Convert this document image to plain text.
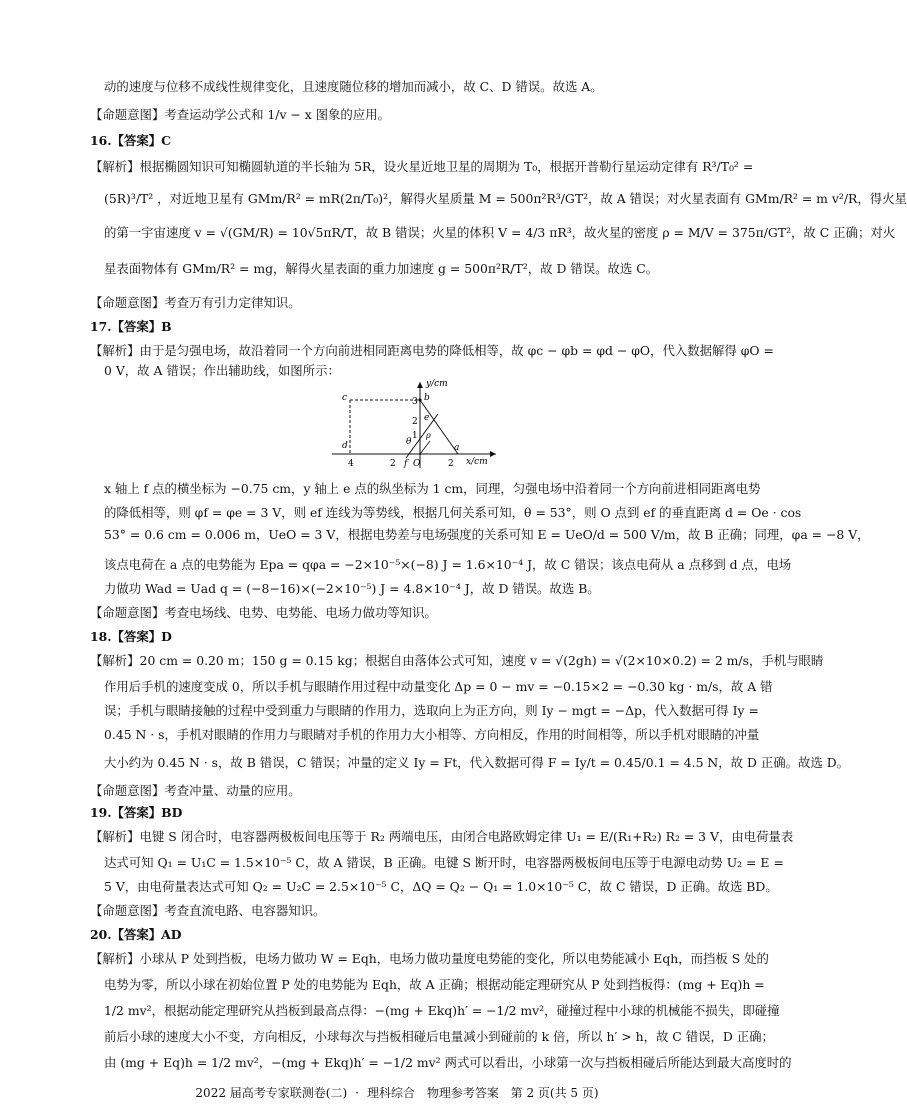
动的速度与位移不成线性规律变化，且速度随位移的增加而减小，故 C、D 错误。故选 A。
【命题意图】考查运动学公式和 1/v − x 图象的应用。
16.【答案】C
【解析】根据椭圆知识可知椭圆轨道的半长轴为 5R，设火星近地卫星的周期为 T₀，根据开普勒行星运动定律有 R³/T₀² =
(5R)³/T² ，对近地卫星有 GMm/R² = mR(2π/T₀)²，解得火星质量 M = 500π²R³/GT²，故 A 错误；对火星表面有 GMm/R² = m v²/R，得火星
的第一宇宙速度 v = √(GM/R) = 10√5πR/T，故 B 错误；火星的体积 V = 4/3 πR³，故火星的密度 ρ = M/V = 375π/GT²，故 C 正确；对火
星表面物体有 GMm/R² = mg，解得火星表面的重力加速度 g = 500π²R/T²，故 D 错误。故选 C。
【命题意图】考查万有引力定律知识。
17.【答案】B
【解析】由于是匀强电场，故沿着同一个方向前进相同距离电势的降低相等，故 φc − φb = φd − φO，代入数据解得 φO =
0 V，故 A 错误；作出辅助线，如图所示：
c	b
e
d
f O
a
θ
ρ
3
2
1
4	2	2
y/cm
x/cm
x 轴上 f 点的横坐标为 −0.75 cm，y 轴上 e 点的纵坐标为 1 cm，同理，匀强电场中沿着同一个方向前进相同距离电势
的降低相等，则 φf = φe = 3 V，则 ef 连线为等势线，根据几何关系可知，θ = 53°，则 O 点到 ef 的垂直距离 d = Oe · cos
53° = 0.6 cm = 0.006 m，UeO = 3 V，根据电势差与电场强度的关系可知 E = UeO/d = 500 V/m，故 B 正确；同理，φa = −8 V，
该点电荷在 a 点的电势能为 Epa = qφa = −2×10⁻⁵×(−8) J = 1.6×10⁻⁴ J，故 C 错误；该点电荷从 a 点移到 d 点，电场
力做功 Wad = Uad q = (−8−16)×(−2×10⁻⁵) J = 4.8×10⁻⁴ J，故 D 错误。故选 B。
【命题意图】考查电场线、电势、电势能、电场力做功等知识。
18.【答案】D
【解析】20 cm = 0.20 m；150 g = 0.15 kg；根据自由落体公式可知，速度 v = √(2gh) = √(2×10×0.2) = 2 m/s，手机与眼睛
作用后手机的速度变成 0，所以手机与眼睛作用过程中动量变化 Δp = 0 − mv = −0.15×2 = −0.30 kg · m/s，故 A 错
误；手机与眼睛接触的过程中受到重力与眼睛的作用力，选取向上为正方向，则 Iy − mgt = −Δp，代入数据可得 Iy =
0.45 N · s，手机对眼睛的作用力与眼睛对手机的作用力大小相等、方向相反，作用的时间相等，所以手机对眼睛的冲量
大小约为 0.45 N · s，故 B 错误，C 错误；冲量的定义 Iy = Ft，代入数据可得 F = Iy/t = 0.45/0.1 = 4.5 N，故 D 正确。故选 D。
【命题意图】考查冲量、动量的应用。
19.【答案】BD
【解析】电键 S 闭合时，电容器两极板间电压等于 R₂ 两端电压，由闭合电路欧姆定律 U₁ = E/(R₁+R₂) R₂ = 3 V，由电荷量表
达式可知 Q₁ = U₁C = 1.5×10⁻⁵ C，故 A 错误，B 正确。电键 S 断开时，电容器两极板间电压等于电源电动势 U₂ = E =
5 V，由电荷量表达式可知 Q₂ = U₂C = 2.5×10⁻⁵ C，ΔQ = Q₂ − Q₁ = 1.0×10⁻⁵ C，故 C 错误，D 正确。故选 BD。
【命题意图】考查直流电路、电容器知识。
20.【答案】AD
【解析】小球从 P 处到挡板，电场力做功 W = Eqh，电场力做功量度电势能的变化，所以电势能减小 Eqh，而挡板 S 处的
电势为零，所以小球在初始位置 P 处的电势能为 Eqh，故 A 正确；根据动能定理研究从 P 处到挡板得：(mg + Eq)h =
1/2 mv²，根据动能定理研究从挡板到最高点得：−(mg + Ekq)h′ = −1/2 mv²，碰撞过程中小球的机械能不损失，即碰撞
前后小球的速度大小不变，方向相反，小球每次与挡板相碰后电量减小到碰前的 k 倍，所以 h′ > h，故 C 错误，D 正确；
由 (mg + Eq)h = 1/2 mv²，−(mg + Ekq)h′ = −1/2 mv² 两式可以看出，小球第一次与挡板相碰后所能达到最大高度时的
2022 届高考专家联测卷(二) · 理科综合 物理参考答案 第 2 页(共 5 页)
